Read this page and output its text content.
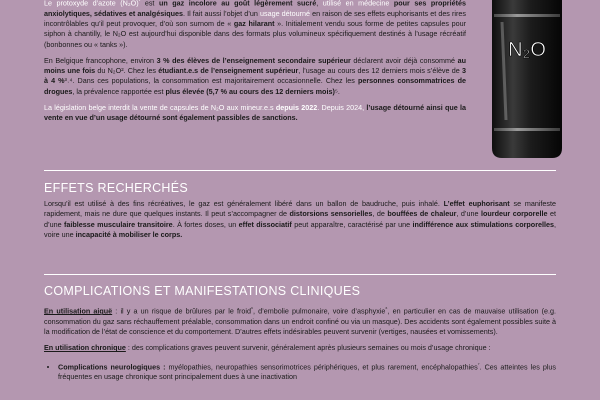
Le protoxyde d’azote $(N_2O)^{^1}$ est un gaz incolore au goût légèrement sucré, utilisé en médecine pour ses propriétés anxiolytiques, sédatives et analgésiques. Il fait aussi l’objet d’un usage détourné en raison de ses effets euphorisants et des rires incontrôlables qu’il peut provoquer, d’où son surnom de « gaz hilarant ». Initialement vendu sous forme de petites capsules pour siphon à chantilly, le N₂O est aujourd’hui disponible dans des formats plus volumineux spécifiquement destinés à l’usage récréatif (bonbonnes ou « tanks »).

En Belgique francophone, environ 3 % des élèves de l’enseignement secondaire supérieur déclarent avoir déjà consommé au moins une fois du N₂O². Chez les étudiant.e.s de l’enseignement supérieur, l’usage au cours des 12 derniers mois s’élève de 3 à 4 %³˒⁴. Dans ces populations, la consommation est majoritairement occasionnelle. Chez les personnes consommatrices de drogues, la prévalence rapportée est plus élevée (5,7 % au cours des 12 derniers mois)⁵.

La législation belge interdit la vente de capsules de N₂O aux mineur.e.s depuis 2022. Depuis 2024, l’usage détourné ainsi que la vente en vue d’un usage détourné sont également passibles de sanctions.

N₂O
EFFETS RECHERCHÉS

Lorsqu’il est utilisé à des fins récréatives, le gaz est généralement libéré dans un ballon de baudruche, puis inhalé. L’effet euphorisant se manifeste rapidement, mais ne dure que quelques instants. Il peut s’accompagner de distorsions sensorielles, de bouffées de chaleur, d’une lourdeur corporelle et d’une faiblesse musculaire transitoire. À fortes doses, un effet dissociatif peut apparaître, caractérisé par une indifférence aux stimulations corporelles, voire une incapacité à mobiliser le corps.

COMPLICATIONS ET MANIFESTATIONS CLINIQUES

En utilisation aiguë : il y a un risque de brûlures par le froid$^{^6}$, d’embolie pulmonaire, voire d’asphyxie$^{^6}$, en particulier en cas de mauvaise utilisation (e.g. consommation du gaz sans réchauffement préalable, consommation dans un endroit confiné ou via un masque). Des accidents sont également possibles suite à la modification de l’état de conscience et du comportement. D’autres effets indésirables peuvent survenir (vertiges, nausées et vomissements).

En utilisation chronique : des complications graves peuvent survenir, généralement après plusieurs semaines ou mois d’usage chronique :

• Complications neurologiques : myélopathies, neuropathies sensorimotrices périphériques, et plus rarement, encéphalopathies$^{^7}$. Ces atteintes les plus fréquentes en usage chronique sont principalement dues à une inactivation
